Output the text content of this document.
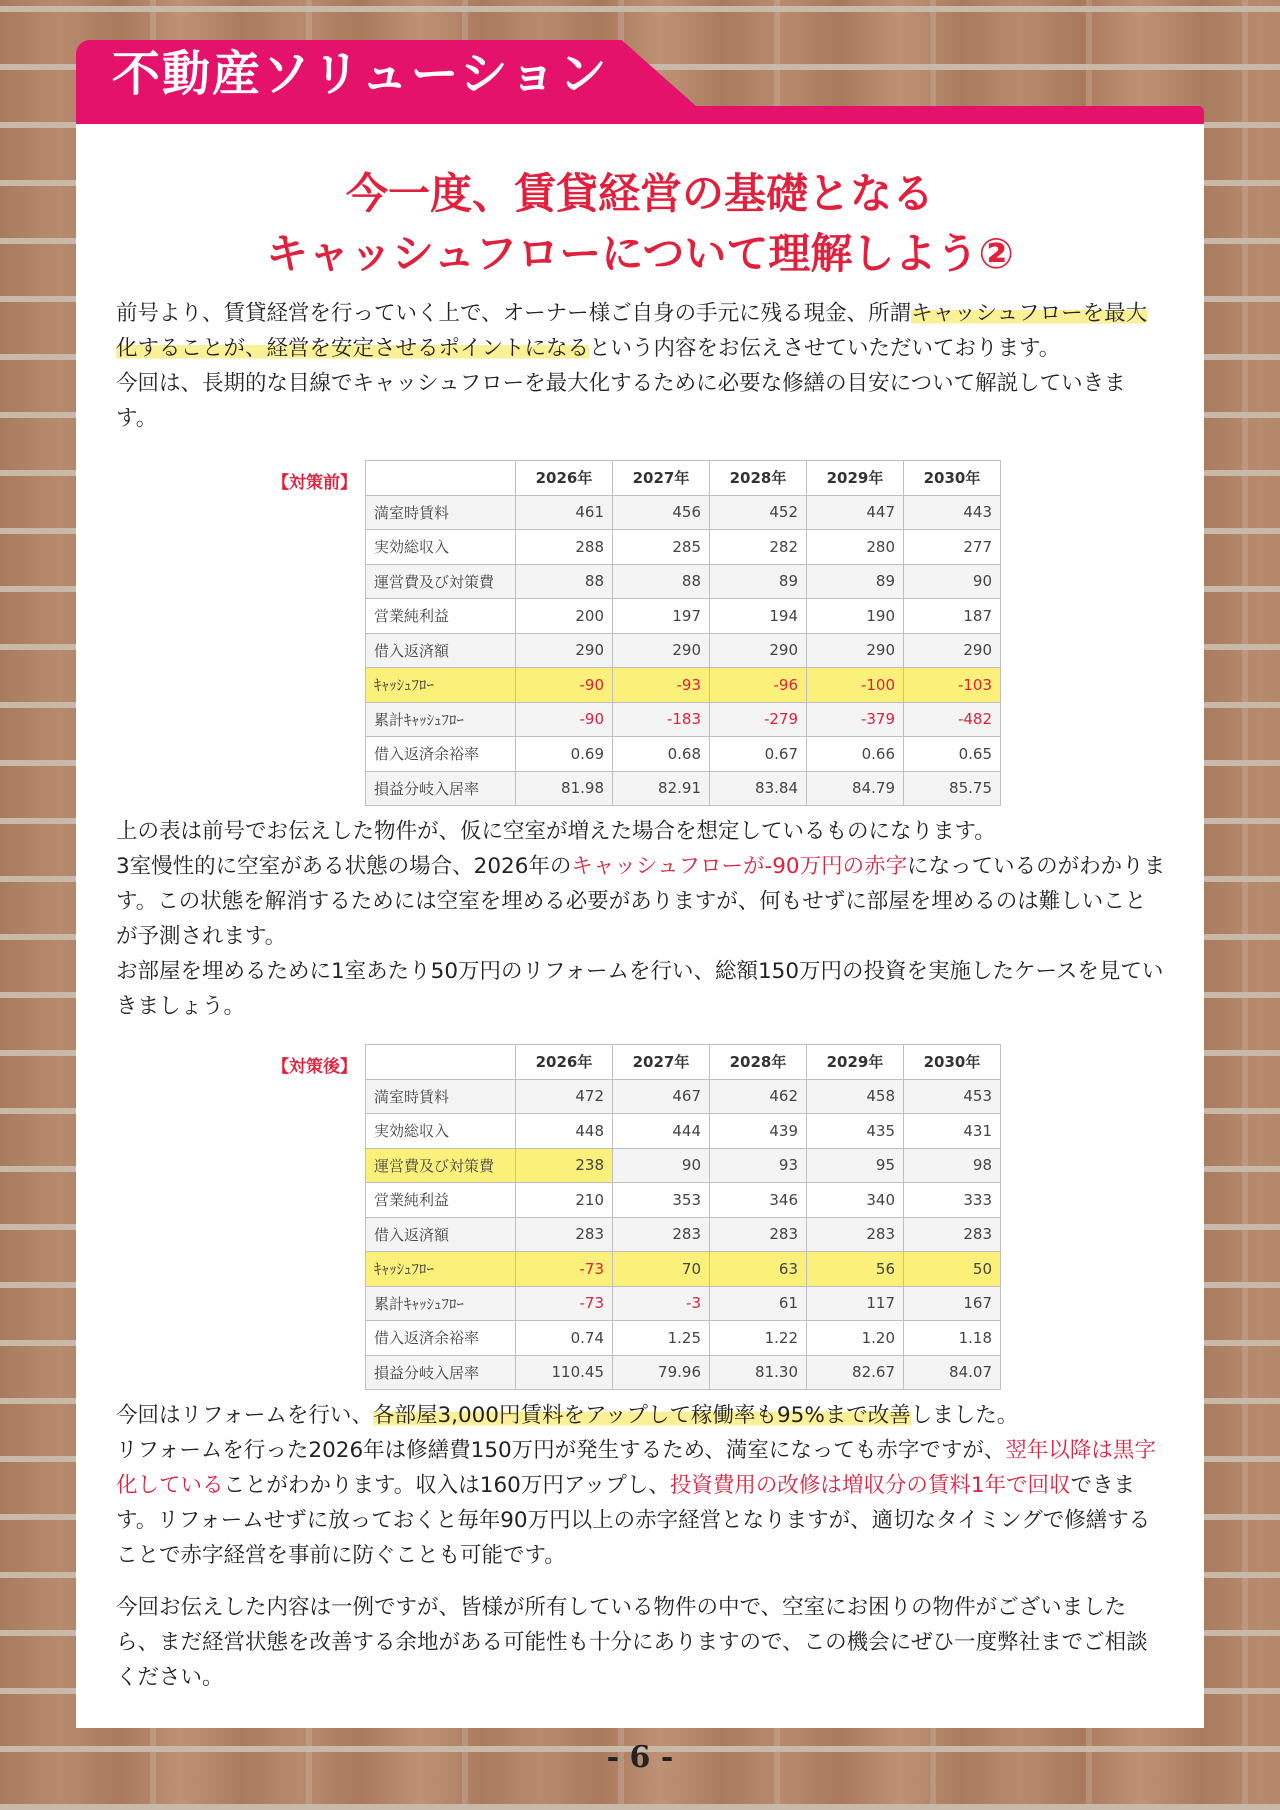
不動産ソリューション
今一度、賃貸経営の基礎となる
キャッシュフローについて理解しよう②
前号より、賃貸経営を行っていく上で、オーナー様ご自身の手元に残る現金、所謂キャッシュフローを最大化することが、経営を安定させるポイントになるという内容をお伝えさせていただいております。
今回は、長期的な目線でキャッシュフローを最大化するために必要な修繕の目安について解説していきます。
【対策前】
		2026年	2027年	2028年	2029年	2030年
満室時賃料	461	456	452	447	443
実効総収入	288	285	282	280	277
運営費及び対策費	88	88	89	89	90
営業純利益	200	197	194	190	187
借入返済額	290	290	290	290	290
ｷｬｯｼｭﾌﾛｰ	-90	-93	-96	-100	-103
累計ｷｬｯｼｭﾌﾛｰ	-90	-183	-279	-379	-482
借入返済余裕率	0.69	0.68	0.67	0.66	0.65
損益分岐入居率	81.98	82.91	83.84	84.79	85.75
上の表は前号でお伝えした物件が、仮に空室が増えた場合を想定しているものになります。
3室慢性的に空室がある状態の場合、2026年のキャッシュフローが-90万円の赤字になっているのがわかります。この状態を解消するためには空室を埋める必要がありますが、何もせずに部屋を埋めるのは難しいことが予測されます。
お部屋を埋めるために1室あたり50万円のリフォームを行い、総額150万円の投資を実施したケースを見ていきましょう。
【対策後】
		2026年	2027年	2028年	2029年	2030年
満室時賃料	472	467	462	458	453
実効総収入	448	444	439	435	431
運営費及び対策費	238	90	93	95	98
営業純利益	210	353	346	340	333
借入返済額	283	283	283	283	283
ｷｬｯｼｭﾌﾛｰ	-73	70	63	56	50
累計ｷｬｯｼｭﾌﾛｰ	-73	-3	61	117	167
借入返済余裕率	0.74	1.25	1.22	1.20	1.18
損益分岐入居率	110.45	79.96	81.30	82.67	84.07
今回はリフォームを行い、各部屋3,000円賃料をアップして稼働率も95%まで改善しました。
リフォームを行った2026年は修繕費150万円が発生するため、満室になっても赤字ですが、翌年以降は黒字化していることがわかります。収入は160万円アップし、投資費用の改修は増収分の賃料1年で回収できます。リフォームせずに放っておくと毎年90万円以上の赤字経営となりますが、適切なタイミングで修繕することで赤字経営を事前に防ぐことも可能です。
今回お伝えした内容は一例ですが、皆様が所有している物件の中で、空室にお困りの物件がございましたら、まだ経営状態を改善する余地がある可能性も十分にありますので、この機会にぜひ一度弊社までご相談ください。
- 6 -
